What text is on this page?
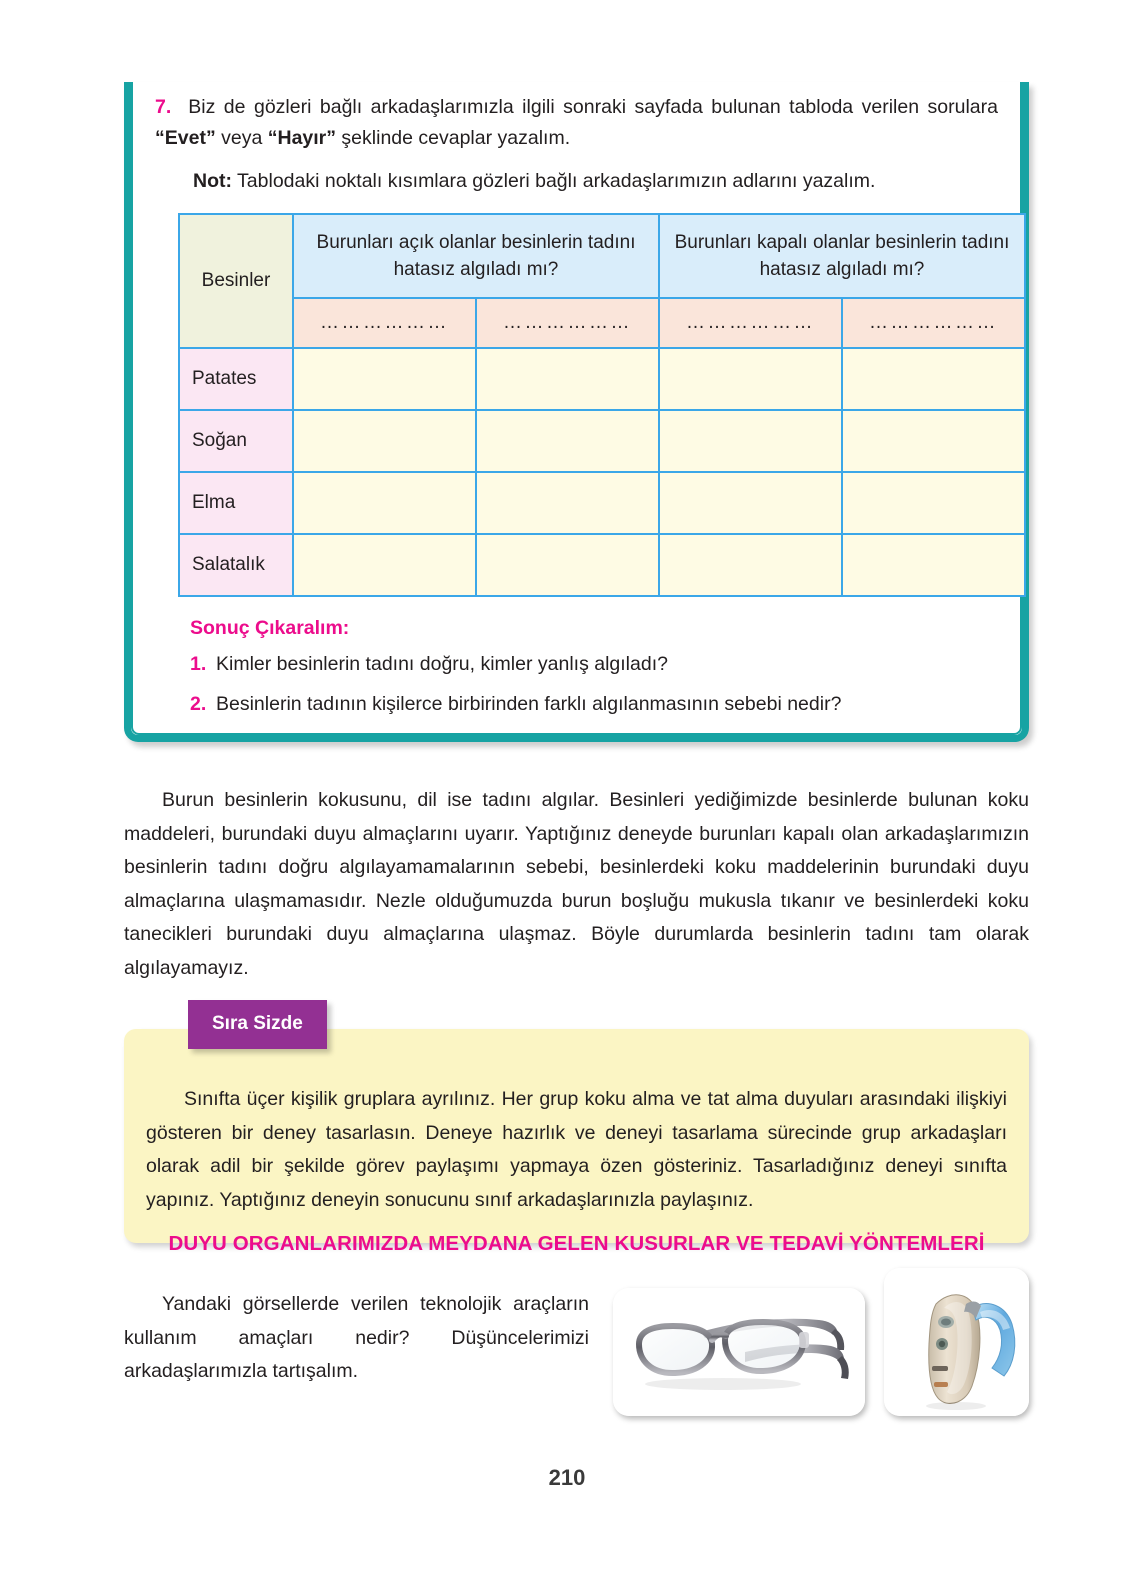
7. Biz de gözleri bağlı arkadaşlarımızla ilgili sonraki sayfada bulunan tabloda verilen sorulara “Evet” veya “Hayır” şeklinde cevaplar yazalım.

Not: Tablodaki noktalı kısımlara gözleri bağlı arkadaşlarımızın adlarını yazalım.

Besinler	Burunları açık olanlar besinlerin tadını hatasız algıladı mı?		Burunları kapalı olanlar besinlerin tadını hatasız algıladı mı?	
	………………	………………	………………	………………
Patates				
Soğan				
Elma				
Salatalık				

Sonuç Çıkaralım:

1. Kimler besinlerin tadını doğru, kimler yanlış algıladı?
2. Besinlerin tadının kişilerce birbirinden farklı algılanmasının sebebi nedir?

Burun besinlerin kokusunu, dil ise tadını algılar. Besinleri yediğimizde besinlerde bulunan koku maddeleri, burundaki duyu almaçlarını uyarır. Yaptığınız deneyde burunları kapalı olan arkadaşlarımızın besinlerin tadını doğru algılayamamalarının sebebi, besinlerdeki koku maddelerinin burundaki duyu almaçlarına ulaşmamasıdır. Nezle olduğumuzda burun boşluğu mukusla tıkanır ve besinlerdeki koku tanecikleri burundaki duyu almaçlarına ulaşmaz. Böyle durumlarda besinlerin tadını tam olarak algılayamayız.

Sınıfta üçer kişilik gruplara ayrılınız. Her grup koku alma ve tat alma duyuları arasındaki ilişkiyi gösteren bir deney tasarlasın. Deneye hazırlık ve deneyi tasarlama sürecinde grup arkadaşları olarak adil bir şekilde görev paylaşımı yapmaya özen gösteriniz. Tasarladığınız deneyi sınıfta yapınız. Yaptığınız deneyin sonucunu sınıf arkadaşlarınızla paylaşınız.

Sıra Sizde
DUYU ORGANLARIMIZDA MEYDANA GELEN KUSURLAR VE TEDAVİ YÖNTEMLERİ

Yandaki görsellerde verilen teknolojik araçların kullanım amaçları nedir? Düşüncelerimizi arkadaşlarımızla tartışalım.

210
